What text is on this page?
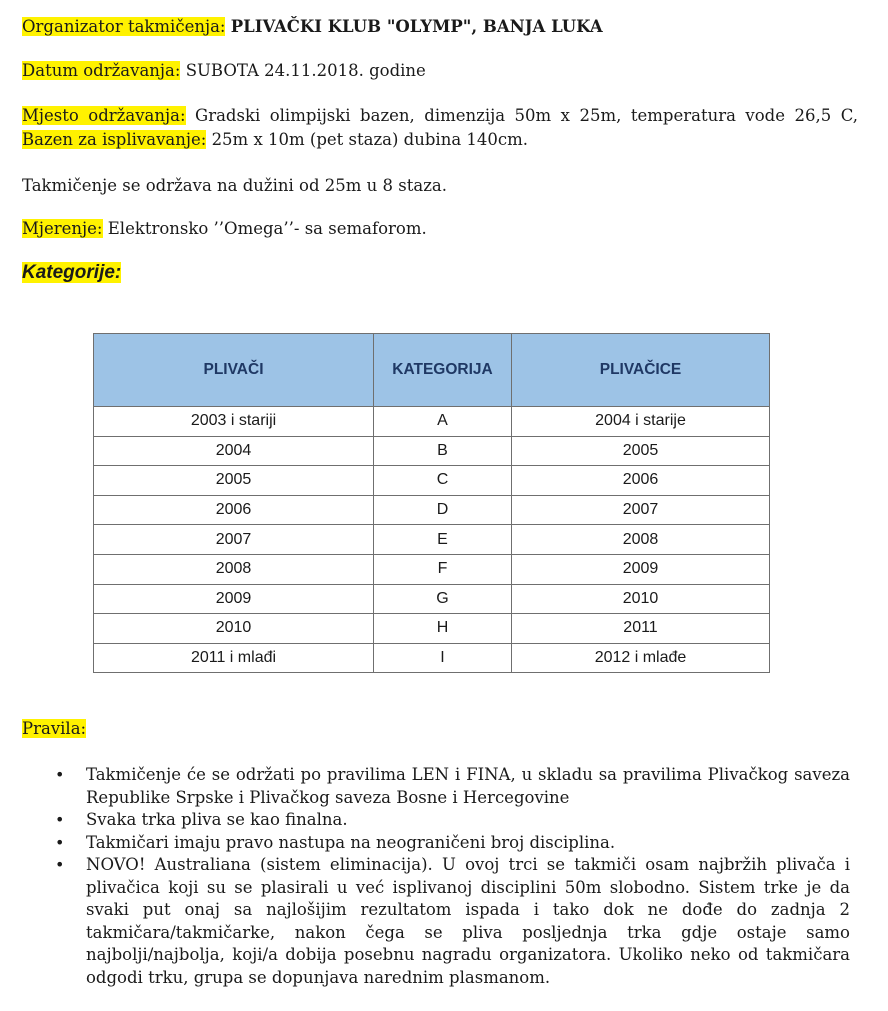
Organizator takmičenja: PLIVAČKI KLUB "OLYMP", BANJA LUKA

Datum održavanja: SUBOTA 24.11.2018. godine

Mjesto održavanja: Gradski olimpijski bazen, dimenzija 50m x 25m, temperatura vode 26,5 C, Bazen za isplivavanje: 25m x 10m (pet staza) dubina 140cm.

Takmičenje se održava na dužini od 25m u 8 staza.

Mjerenje: Elektronsko ’’Omega’’- sa semaforom.

Kategorije:

PLIVAČI	KATEGORIJA	PLIVAČICE
2003 i stariji	A	2004 i starije
2004	B	2005
2005	C	2006
2006	D	2007
2007	E	2008
2008	F	2009
2009	G	2010
2010	H	2011
2011 i mlađi	I	2012 i mlađe

Pravila:

• Takmičenje će se održati po pravilima LEN i FINA, u skladu sa pravilima Plivačkog saveza Republike Srpske i Plivačkog saveza Bosne i Hercegovine
• Svaka trka pliva se kao finalna.
• Takmičari imaju pravo nastupa na neograničeni broj disciplina.
• NOVO! Australiana (sistem eliminacija). U ovoj trci se takmiči osam najbržih plivača i plivačica koji su se plasirali u već isplivanoj disciplini 50m slobodno. Sistem trke je da svaki put onaj sa najlošijim rezultatom ispada i tako dok ne dođe do zadnja 2 takmičara/takmičarke, nakon čega se pliva posljednja trka gdje ostaje samo najbolji/najbolja, koji/a dobija posebnu nagradu organizatora. Ukoliko neko od takmičara odgodi trku, grupa se dopunjava narednim plasmanom.
